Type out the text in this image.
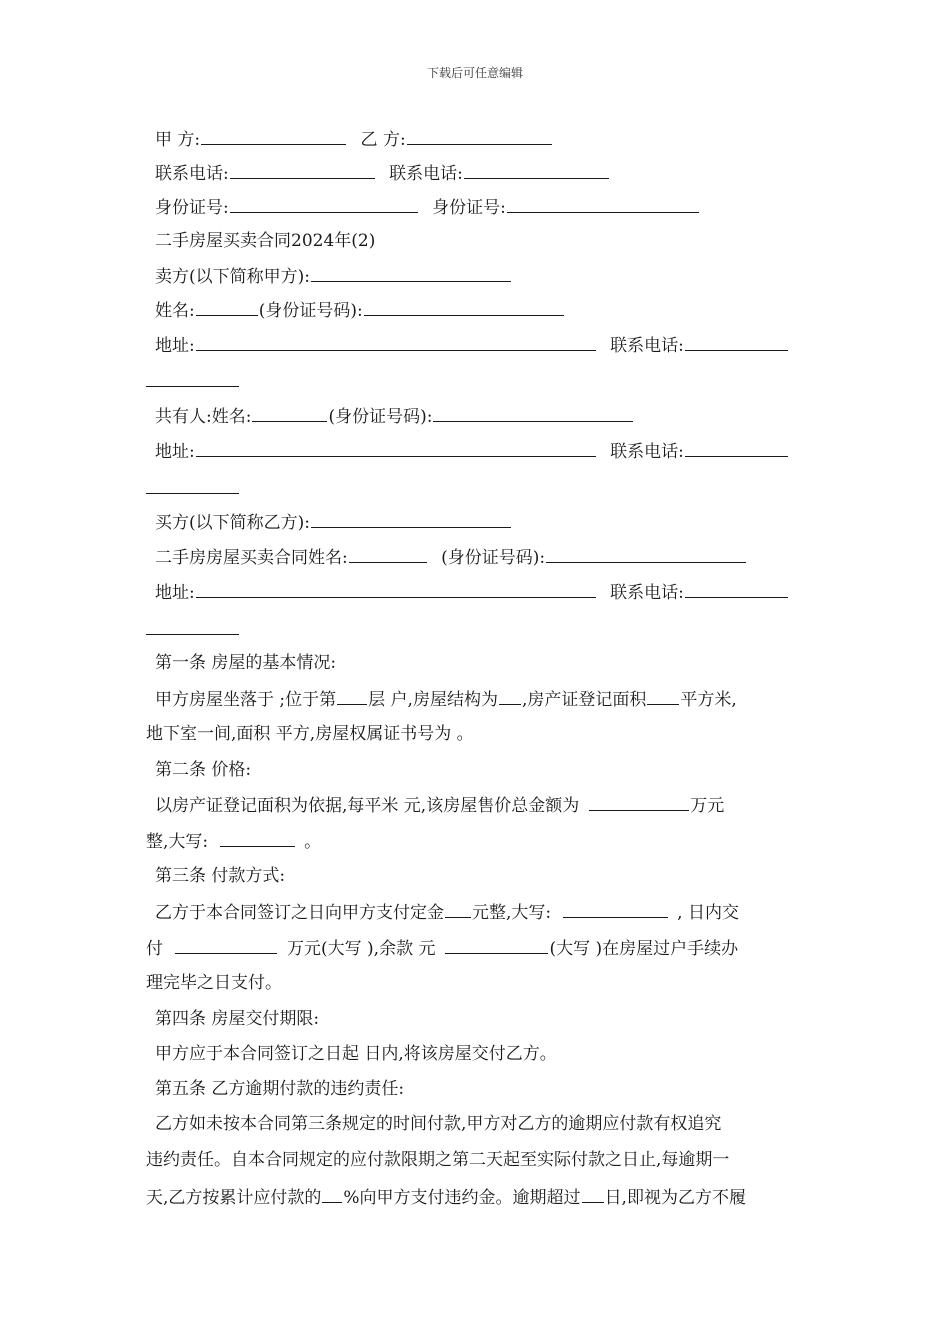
下载后可任意编辑
甲 方:	乙 方:
联系电话:	联系电话:
身份证号:	身份证号:
二手房屋买卖合同2024年(2)
卖方(以下简称甲方):
姓名:	(身份证号码):
地址:	联系电话:
共有人:姓名:	(身份证号码):
地址:	联系电话:
买方(以下简称乙方):
二手房房屋买卖合同姓名:	(身份证号码):
地址:	联系电话:
第一条 房屋的基本情况:
甲方房屋坐落于 ;位于第 层 户,房屋结构为 ,房产证登记面积 平方米,
地下室一间,面积 平方,房屋权属证书号为 。
第二条 价格:
以房产证登记面积为依据,每平米 元,该房屋售价总金额为	万元
整,大写:	。
第三条 付款方式:
乙方于本合同签订之日向甲方支付定金 元整,大写:	, 日内交
付	万元(大写 ),余款 元	(大写 )在房屋过户手续办
理完毕之日支付。
第四条 房屋交付期限:
甲方应于本合同签订之日起 日内,将该房屋交付乙方。
第五条 乙方逾期付款的违约责任:
乙方如未按本合同第三条规定的时间付款,甲方对乙方的逾期应付款有权追究
违约责任。自本合同规定的应付款限期之第二天起至实际付款之日止,每逾期一
天,乙方按累计应付款的 %向甲方支付违约金。逾期超过 日,即视为乙方不履
